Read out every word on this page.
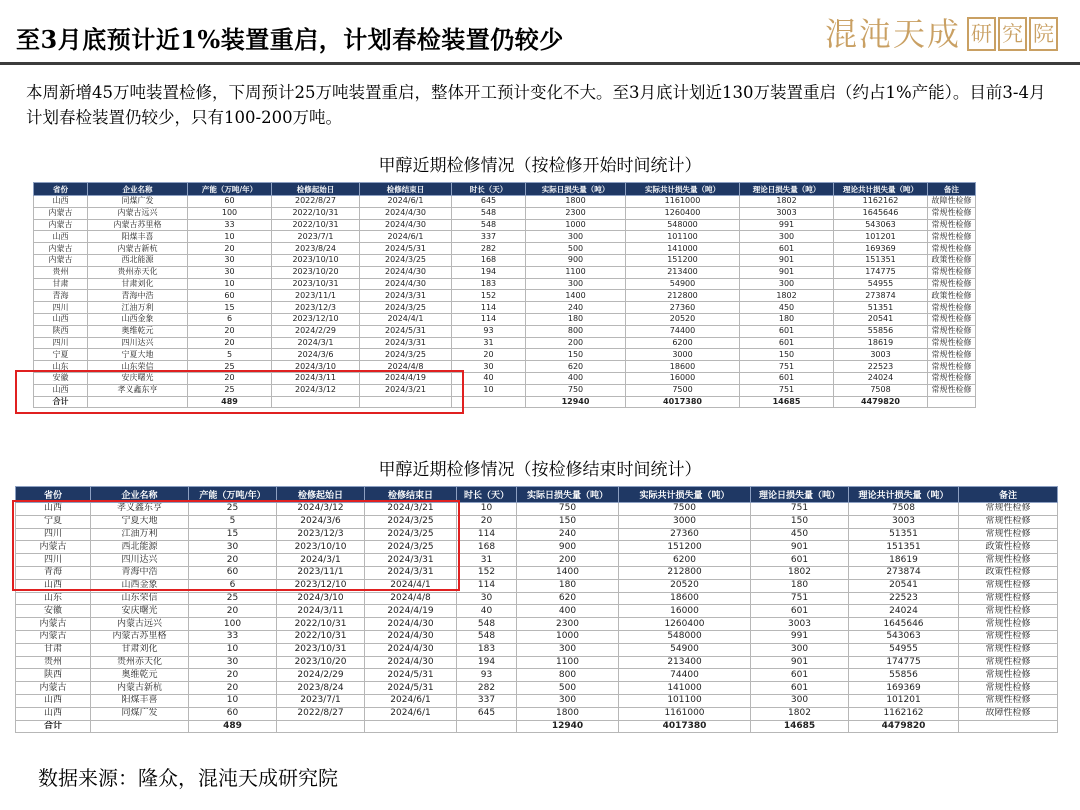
至3月底预计近1%装置重启，计划春检装置仍较少	混沌天成 研 究 院
本周新增45万吨装置检修，下周预计25万吨装置重启，整体开工预计变化不大。至3月底计划近130万装置重启（约占1%产能）。目前3-4月计划春检装置仍较少，只有100-200万吨。
甲醇近期检修情况（按检修开始时间统计）
省份	企业名称	产能（万吨/年）	检修起始日	检修结束日	时长（天）	实际日损失量（吨）	实际共计损失量（吨）	理论日损失量（吨）	理论共计损失量（吨）	备注
山西	同煤广发	60	2022/8/27	2024/6/1	645	1800	1161000	1802	1162162	故障性检修
内蒙古	内蒙古远兴	100	2022/10/31	2024/4/30	548	2300	1260400	3003	1645646	常规性检修
内蒙古	内蒙古苏里格	33	2022/10/31	2024/4/30	548	1000	548000	991	543063	常规性检修
山西	阳煤丰喜	10	2023/7/1	2024/6/1	337	300	101100	300	101201	常规性检修
内蒙古	内蒙古新杭	20	2023/8/24	2024/5/31	282	500	141000	601	169369	常规性检修
内蒙古	西北能源	30	2023/10/10	2024/3/25	168	900	151200	901	151351	政策性检修
贵州	贵州赤天化	30	2023/10/20	2024/4/30	194	1100	213400	901	174775	常规性检修
甘肃	甘肃刘化	10	2023/10/31	2024/4/30	183	300	54900	300	54955	常规性检修
青海	青海中浩	60	2023/11/1	2024/3/31	152	1400	212800	1802	273874	政策性检修
四川	江油万利	15	2023/12/3	2024/3/25	114	240	27360	450	51351	常规性检修
山西	山西金象	6	2023/12/10	2024/4/1	114	180	20520	180	20541	常规性检修
陕西	奥维乾元	20	2024/2/29	2024/5/31	93	800	74400	601	55856	常规性检修
四川	四川达兴	20	2024/3/1	2024/3/31	31	200	6200	601	18619	常规性检修
宁夏	宁夏大地	5	2024/3/6	2024/3/25	20	150	3000	150	3003	常规性检修
山东	山东荣信	25	2024/3/10	2024/4/8	30	620	18600	751	22523	常规性检修
安徽	安庆曙光	20	2024/3/11	2024/4/19	40	400	16000	601	24024	常规性检修
山西	孝义鑫东亨	25	2024/3/12	2024/3/21	10	750	7500	751	7508	常规性检修
合计		489				12940	4017380	14685	4479820	
甲醇近期检修情况（按检修结束时间统计）
省份	企业名称	产能（万吨/年）	检修起始日	检修结束日	时长（天）	实际日损失量（吨）	实际共计损失量（吨）	理论日损失量（吨）	理论共计损失量（吨）	备注
山西	孝义鑫东亨	25	2024/3/12	2024/3/21	10	750	7500	751	7508	常规性检修
宁夏	宁夏大地	5	2024/3/6	2024/3/25	20	150	3000	150	3003	常规性检修
四川	江油万利	15	2023/12/3	2024/3/25	114	240	27360	450	51351	常规性检修
内蒙古	西北能源	30	2023/10/10	2024/3/25	168	900	151200	901	151351	政策性检修
四川	四川达兴	20	2024/3/1	2024/3/31	31	200	6200	601	18619	常规性检修
青海	青海中浩	60	2023/11/1	2024/3/31	152	1400	212800	1802	273874	政策性检修
山西	山西金象	6	2023/12/10	2024/4/1	114	180	20520	180	20541	常规性检修
山东	山东荣信	25	2024/3/10	2024/4/8	30	620	18600	751	22523	常规性检修
安徽	安庆曙光	20	2024/3/11	2024/4/19	40	400	16000	601	24024	常规性检修
内蒙古	内蒙古远兴	100	2022/10/31	2024/4/30	548	2300	1260400	3003	1645646	常规性检修
内蒙古	内蒙古苏里格	33	2022/10/31	2024/4/30	548	1000	548000	991	543063	常规性检修
甘肃	甘肃刘化	10	2023/10/31	2024/4/30	183	300	54900	300	54955	常规性检修
贵州	贵州赤天化	30	2023/10/20	2024/4/30	194	1100	213400	901	174775	常规性检修
陕西	奥维乾元	20	2024/2/29	2024/5/31	93	800	74400	601	55856	常规性检修
内蒙古	内蒙古新杭	20	2023/8/24	2024/5/31	282	500	141000	601	169369	常规性检修
山西	阳煤丰喜	10	2023/7/1	2024/6/1	337	300	101100	300	101201	常规性检修
山西	同煤广发	60	2022/8/27	2024/6/1	645	1800	1161000	1802	1162162	故障性检修
合计		489				12940	4017380	14685	4479820	
数据来源：隆众，混沌天成研究院
